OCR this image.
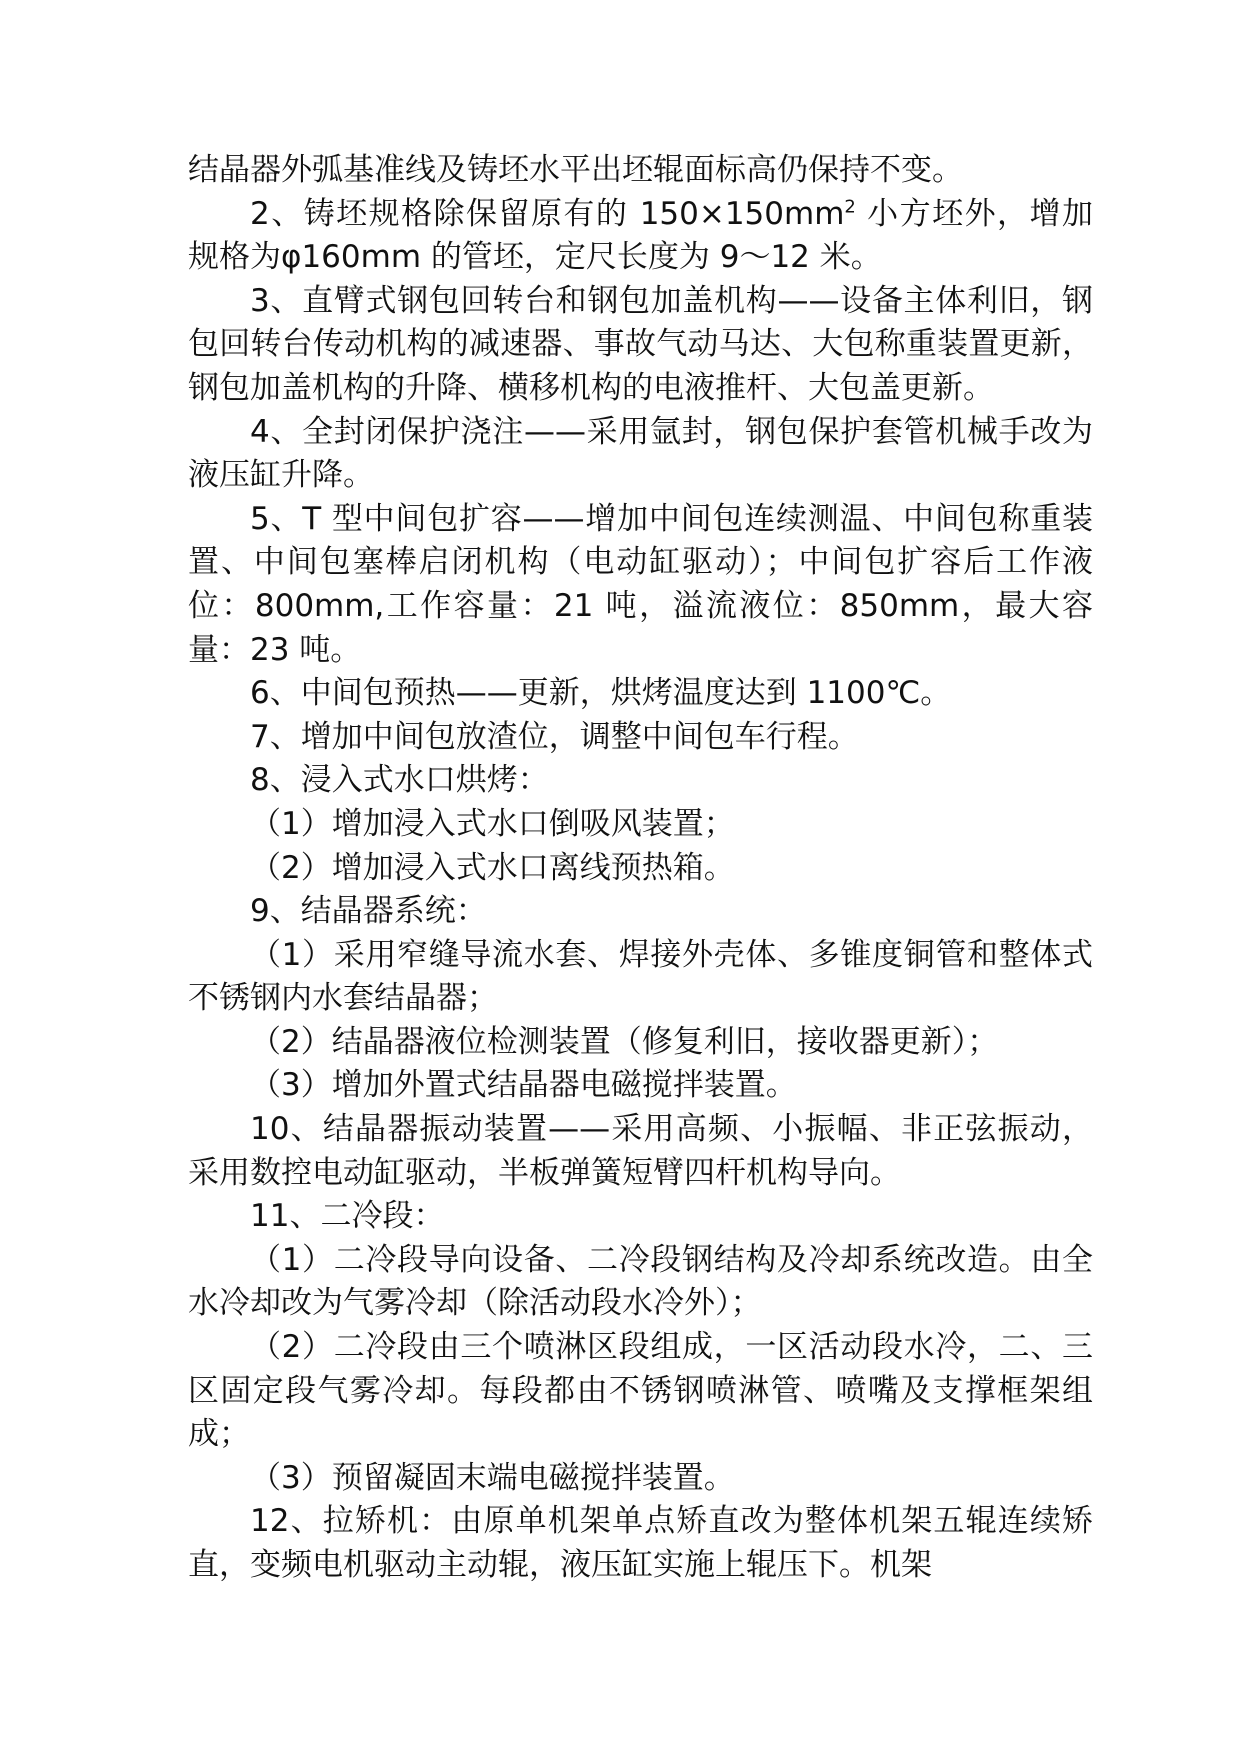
结晶器外弧基准线及铸坯水平出坯辊面标高仍保持不变。

2、铸坯规格除保留原有的 $150\times 150mm^2$ 小方坯外，增加规格为φ160mm 的管坯，定尺长度为 9～12 米。

3、直臂式钢包回转台和钢包加盖机构——设备主体利旧，钢包回转台传动机构的减速器、事故气动马达、大包称重装置更新，钢包加盖机构的升降、横移机构的电液推杆、大包盖更新。

4、全封闭保护浇注——采用氩封，钢包保护套管机械手改为液压缸升降。

5、T 型中间包扩容——增加中间包连续测温、中间包称重装置、中间包塞棒启闭机构（电动缸驱动）；中间包扩容后工作液位：800mm,工作容量：21 吨，溢流液位：850mm，最大容量：23 吨。

6、中间包预热——更新，烘烤温度达到 1100℃。

7、增加中间包放渣位，调整中间包车行程。

8、浸入式水口烘烤：

（1）增加浸入式水口倒吸风装置；

（2）增加浸入式水口离线预热箱。

9、结晶器系统：

（1）采用窄缝导流水套、焊接外壳体、多锥度铜管和整体式不锈钢内水套结晶器；

（2）结晶器液位检测装置（修复利旧，接收器更新）；

（3）增加外置式结晶器电磁搅拌装置。

10、结晶器振动装置——采用高频、小振幅、非正弦振动，采用数控电动缸驱动，半板弹簧短臂四杆机构导向。

11、二冷段：

（1）二冷段导向设备、二冷段钢结构及冷却系统改造。由全水冷却改为气雾冷却（除活动段水冷外）；

（2）二冷段由三个喷淋区段组成，一区活动段水冷，二、三区固定段气雾冷却。每段都由不锈钢喷淋管、喷嘴及支撑框架组成；

（3）预留凝固末端电磁搅拌装置。

12、拉矫机：由原单机架单点矫直改为整体机架五辊连续矫直，变频电机驱动主动辊，液压缸实施上辊压下。机架
